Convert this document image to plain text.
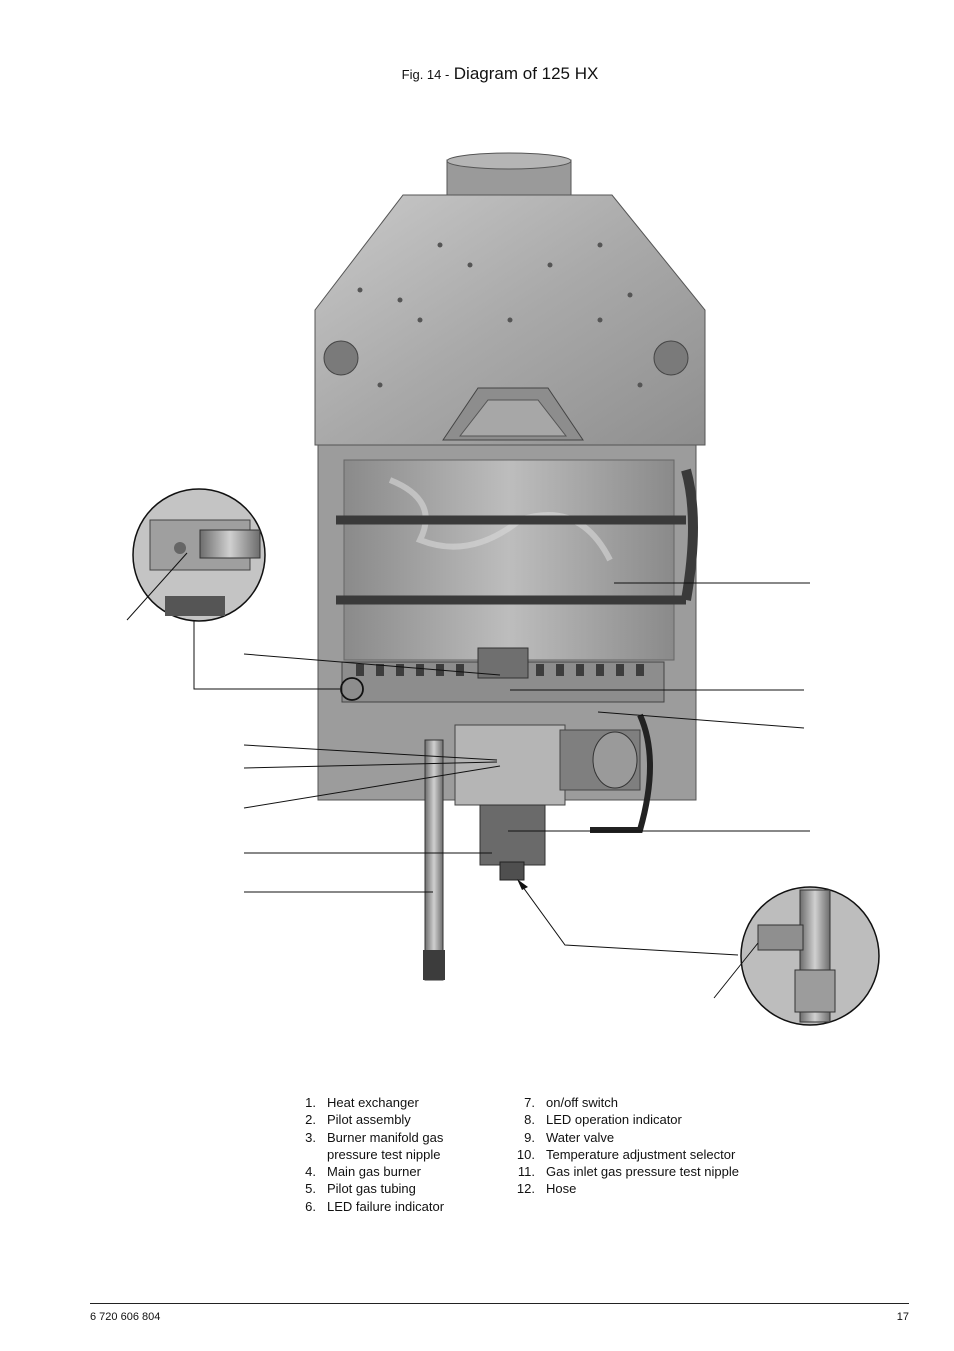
Fig. 14 - Diagram of 125 HX
1. Heat exchanger
2. Pilot assembly
3. Burner manifold gas pressure test nipple
4. Main gas burner
5. Pilot gas tubing
6. LED failure indicator
7. on/off switch
8. LED operation indicator
9. Water valve
10. Temperature adjustment selector
11. Gas inlet gas pressure test nipple
12. Hose
6 720 606 804	17
